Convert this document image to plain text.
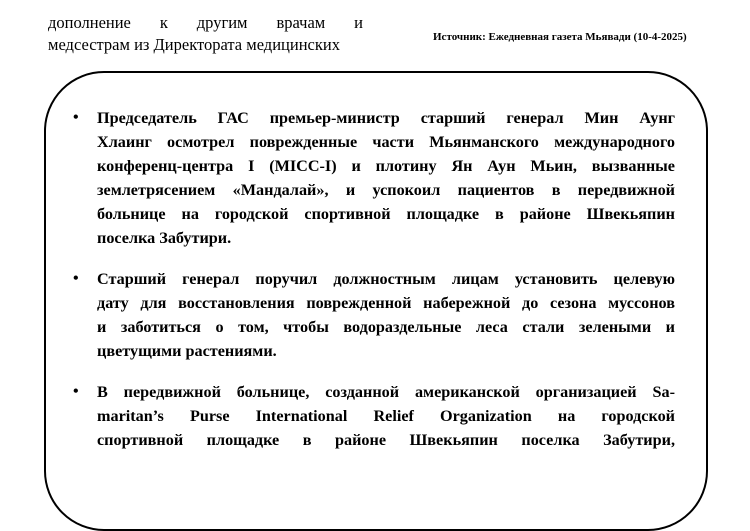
дополнение к другим врачам и
медсестрам из Директората медицинских	Источник: Ежедневная газета Мьявади (10-4-2025)
• Председатель ГАС премьер-министр старший генерал Мин Аунг
Хлаинг осмотрел поврежденные части Мьянманского международного
конференц-центра I (MICC-I) и плотину Ян Аун Мьин, вызванные
землетрясением «Мандалай», и успокоил пациентов в передвижной
больнице на городской спортивной площадке в районе Швекьяпин
поселка Забутири.
• Старший генерал поручил должностным лицам установить целевую
дату для восстановления поврежденной набережной до сезона муссонов
и заботиться о том, чтобы водораздельные леса стали зелеными и
цветущими растениями.
• В передвижной больнице, созданной американской организацией Sa-
maritan’s Purse International Relief Organization на городской
спортивной площадке в районе Швекьяпин поселка Забутири,
